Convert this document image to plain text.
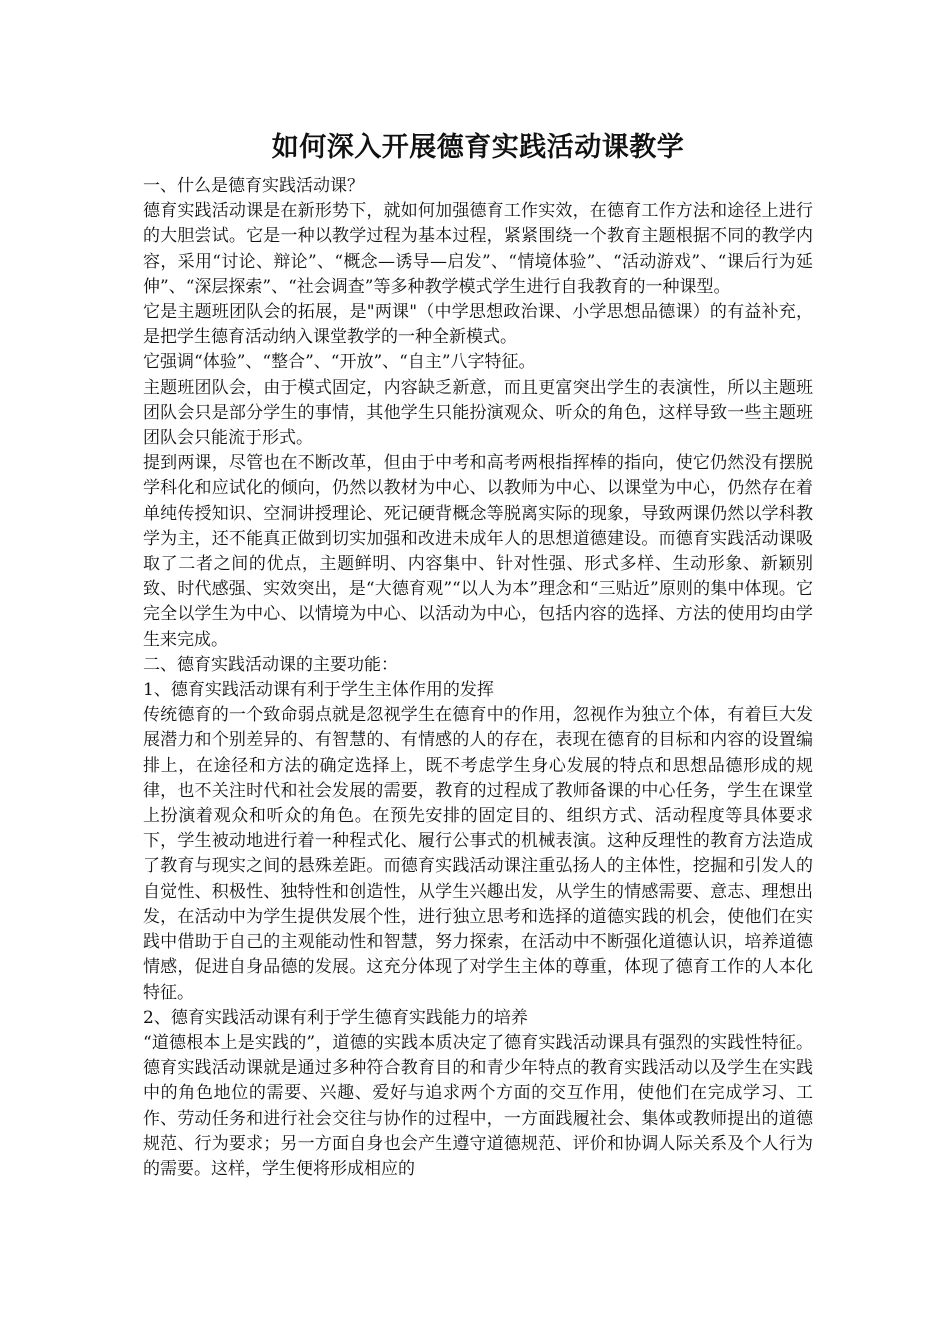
如何深入开展德育实践活动课教学

一、什么是德育实践活动课？

德育实践活动课是在新形势下，就如何加强德育工作实效，在德育工作方法和途径上进行的大胆尝试。它是一种以教学过程为基本过程，紧紧围绕一个教育主题根据不同的教学内容，采用“讨论、辩论”、“概念—诱导—启发”、“情境体验”、“活动游戏”、“课后行为延伸”、“深层探索”、“社会调查”等多种教学模式学生进行自我教育的一种课型。

它是主题班团队会的拓展，是"两课"（中学思想政治课、小学思想品德课）的有益补充，是把学生德育活动纳入课堂教学的一种全新模式。

它强调“体验”、“整合”、“开放”、“自主”八字特征。

主题班团队会，由于模式固定，内容缺乏新意，而且更富突出学生的表演性，所以主题班团队会只是部分学生的事情，其他学生只能扮演观众、听众的角色，这样导致一些主题班团队会只能流于形式。

提到两课，尽管也在不断改革，但由于中考和高考两根指挥棒的指向，使它仍然没有摆脱学科化和应试化的倾向，仍然以教材为中心、以教师为中心、以课堂为中心，仍然存在着单纯传授知识、空洞讲授理论、死记硬背概念等脱离实际的现象，导致两课仍然以学科教学为主，还不能真正做到切实加强和改进未成年人的思想道德建设。而德育实践活动课吸取了二者之间的优点，主题鲜明、内容集中、针对性强、形式多样、生动形象、新颖别致、时代感强、实效突出，是“大德育观”“以人为本”理念和“三贴近”原则的集中体现。它完全以学生为中心、以情境为中心、以活动为中心，包括内容的选择、方法的使用均由学生来完成。

二、德育实践活动课的主要功能：

1、德育实践活动课有利于学生主体作用的发挥

传统德育的一个致命弱点就是忽视学生在德育中的作用，忽视作为独立个体，有着巨大发展潜力和个别差异的、有智慧的、有情感的人的存在，表现在德育的目标和内容的设置编排上，在途径和方法的确定选择上，既不考虑学生身心发展的特点和思想品德形成的规律，也不关注时代和社会发展的需要，教育的过程成了教师备课的中心任务，学生在课堂上扮演着观众和听众的角色。在预先安排的固定目的、组织方式、活动程度等具体要求下，学生被动地进行着一种程式化、履行公事式的机械表演。这种反理性的教育方法造成了教育与现实之间的悬殊差距。而德育实践活动课注重弘扬人的主体性，挖掘和引发人的自觉性、积极性、独特性和创造性，从学生兴趣出发，从学生的情感需要、意志、理想出发，在活动中为学生提供发展个性，进行独立思考和选择的道德实践的机会，使他们在实践中借助于自己的主观能动性和智慧，努力探索，在活动中不断强化道德认识，培养道德情感，促进自身品德的发展。这充分体现了对学生主体的尊重，体现了德育工作的人本化特征。

2、德育实践活动课有利于学生德育实践能力的培养

“道德根本上是实践的”，道德的实践本质决定了德育实践活动课具有强烈的实践性特征。德育实践活动课就是通过多种符合教育目的和青少年特点的教育实践活动以及学生在实践中的角色地位的需要、兴趣、爱好与追求两个方面的交互作用，使他们在完成学习、工作、劳动任务和进行社会交往与协作的过程中，一方面践履社会、集体或教师提出的道德规范、行为要求；另一方面自身也会产生遵守道德规范、评价和协调人际关系及个人行为的需要。这样，学生便将形成相应的
